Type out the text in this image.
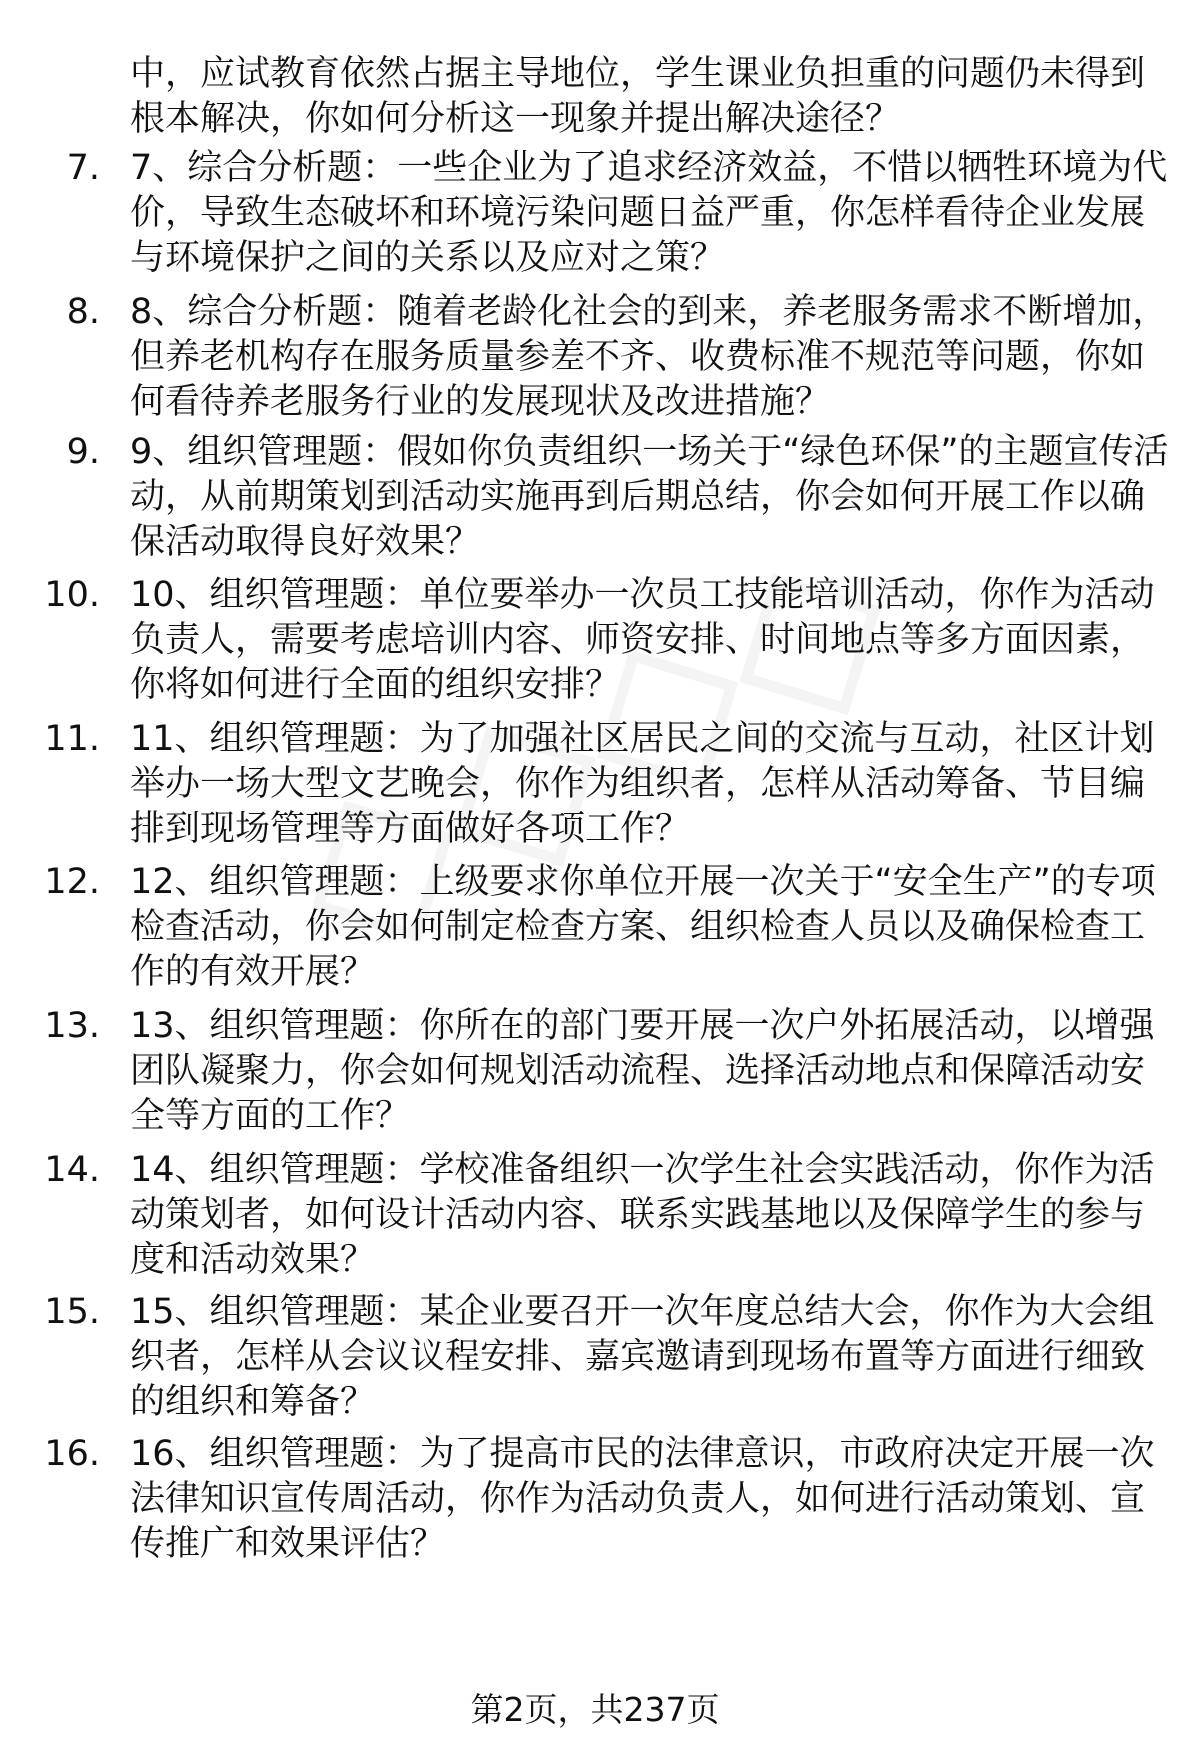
中，应试教育依然占据主导地位，学生课业负担重的问题仍未得到根本解决，你如何分析这一现象并提出解决途径？

7. 7、综合分析题：一些企业为了追求经济效益，不惜以牺牲环境为代价，导致生态破坏和环境污染问题日益严重，你怎样看待企业发展与环境保护之间的关系以及应对之策？

8. 8、综合分析题：随着老龄化社会的到来，养老服务需求不断增加，但养老机构存在服务质量参差不齐、收费标准不规范等问题，你如何看待养老服务行业的发展现状及改进措施？

9. 9、组织管理题：假如你负责组织一场关于“绿色环保”的主题宣传活动，从前期策划到活动实施再到后期总结，你会如何开展工作以确保活动取得良好效果？

10. 10、组织管理题：单位要举办一次员工技能培训活动，你作为活动负责人，需要考虑培训内容、师资安排、时间地点等多方面因素，你将如何进行全面的组织安排？

11. 11、组织管理题：为了加强社区居民之间的交流与互动，社区计划举办一场大型文艺晚会，你作为组织者，怎样从活动筹备、节目编排到现场管理等方面做好各项工作？

12. 12、组织管理题：上级要求你单位开展一次关于“安全生产”的专项检查活动，你会如何制定检查方案、组织检查人员以及确保检查工作的有效开展？

13. 13、组织管理题：你所在的部门要开展一次户外拓展活动，以增强团队凝聚力，你会如何规划活动流程、选择活动地点和保障活动安全等方面的工作？

14. 14、组织管理题：学校准备组织一次学生社会实践活动，你作为活动策划者，如何设计活动内容、联系实践基地以及保障学生的参与度和活动效果？

15. 15、组织管理题：某企业要召开一次年度总结大会，你作为大会组织者，怎样从会议议程安排、嘉宾邀请到现场布置等方面进行细致的组织和筹备？

16. 16、组织管理题：为了提高市民的法律意识，市政府决定开展一次法律知识宣传周活动，你作为活动负责人，如何进行活动策划、宣传推广和效果评估？

第2页，共237页
